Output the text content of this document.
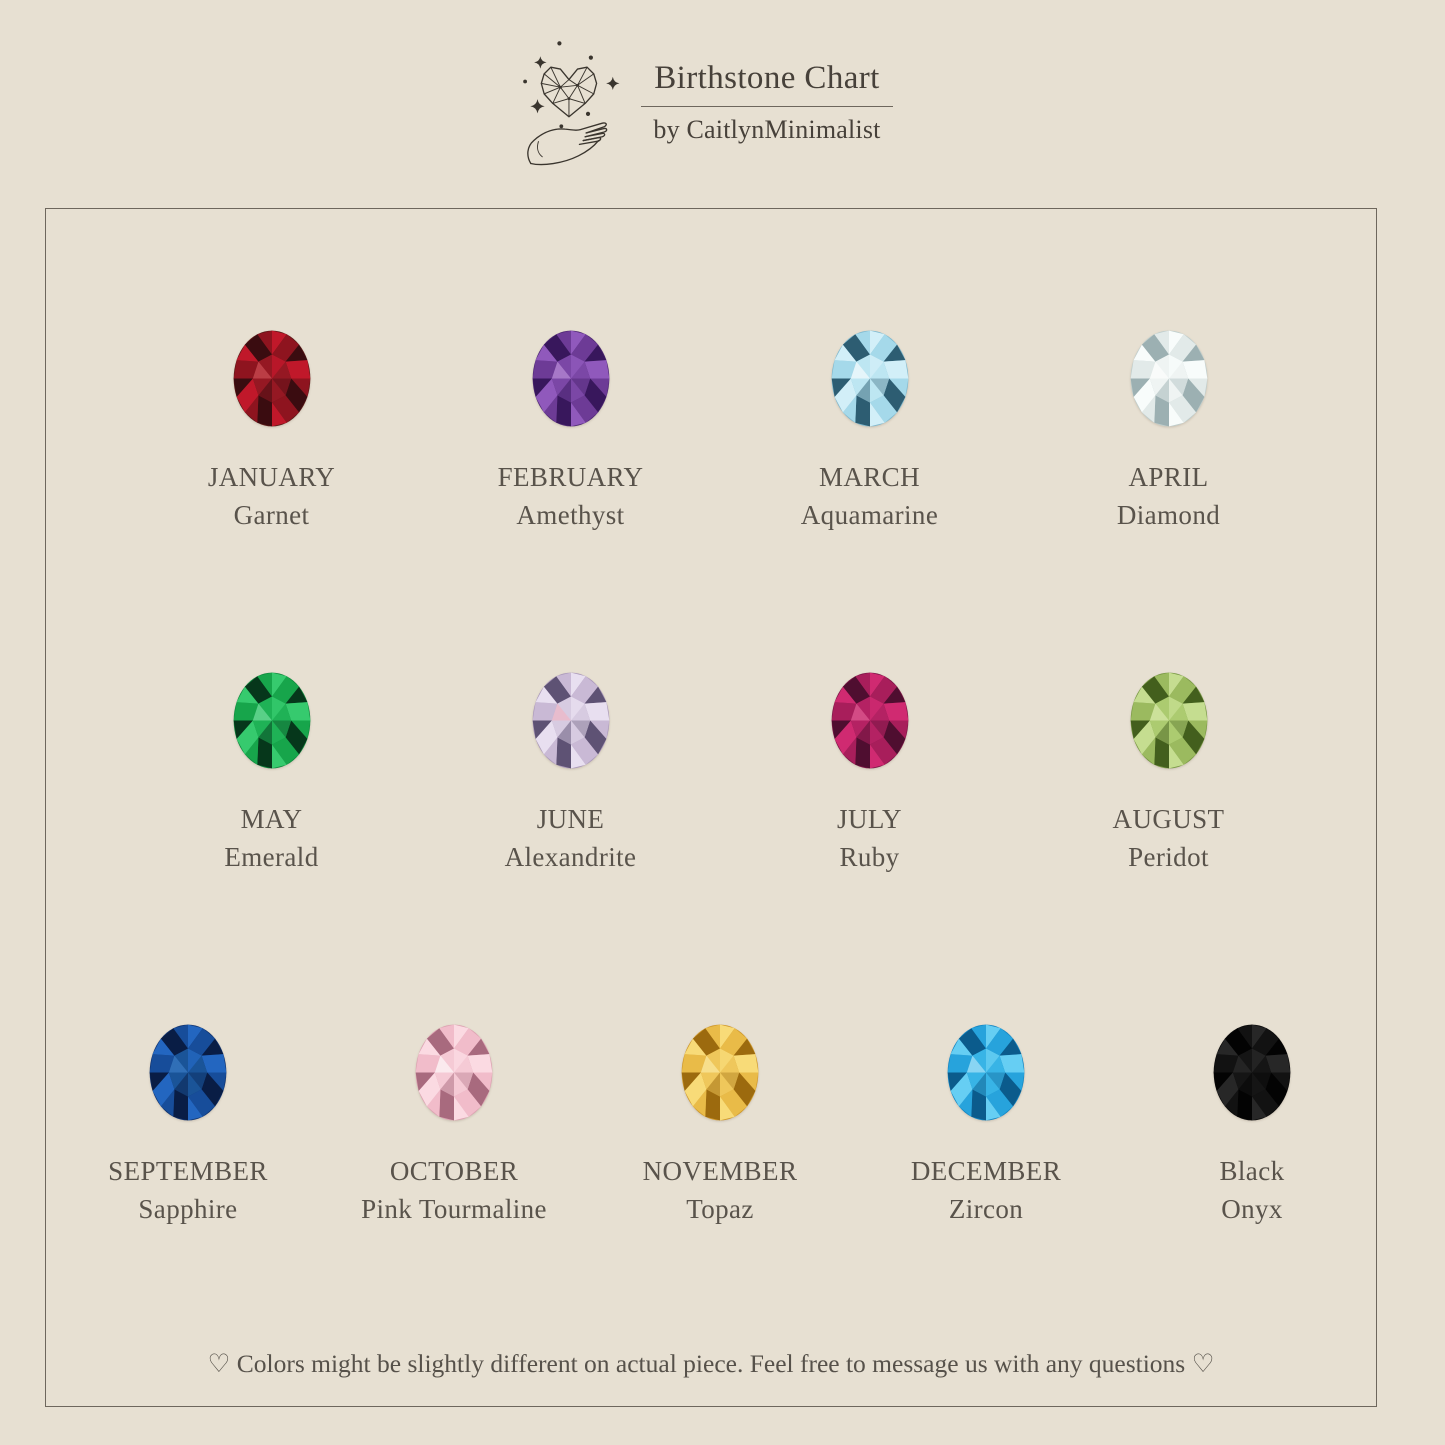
Birthstone Chart
by CaitlynMinimalist
JANUARY
Garnet
FEBRUARY
Amethyst
MARCH
Aquamarine
APRIL
Diamond
MAY
Emerald
JUNE
Alexandrite
JULY
Ruby
AUGUST
Peridot
SEPTEMBER
Sapphire
OCTOBER
Pink Tourmaline
NOVEMBER
Topaz
DECEMBER
Zircon
Black
Onyx
♡ Colors might be slightly different on actual piece. Feel free to message us with any questions ♡
